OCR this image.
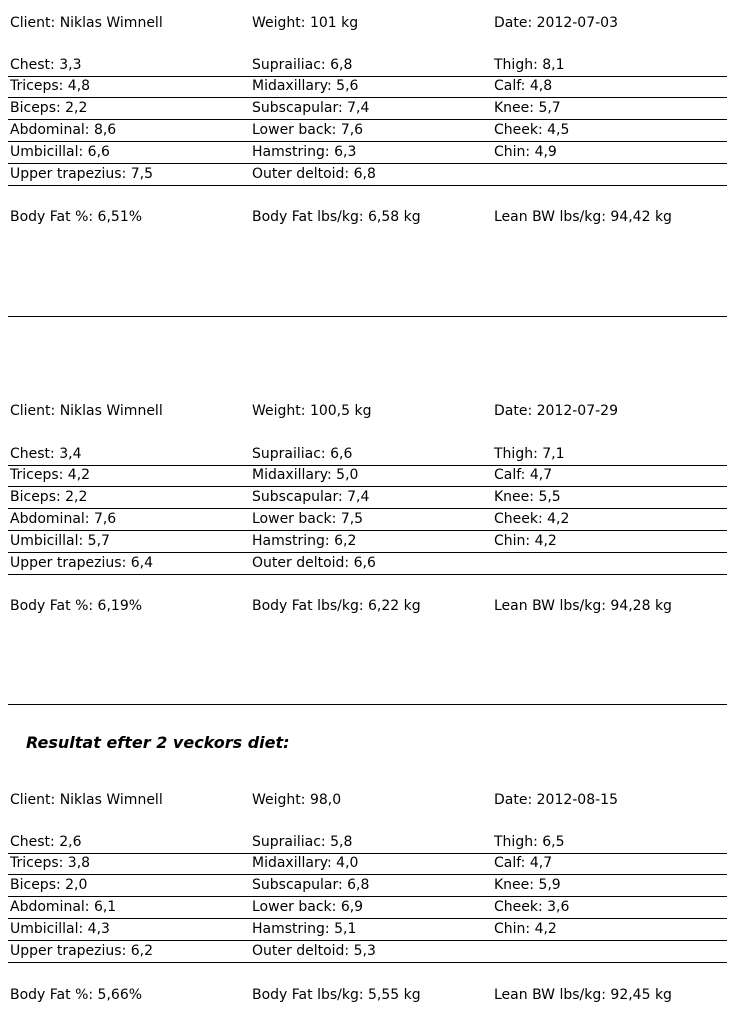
Client: Niklas Wimnell	Weight: 101 kg	Date: 2012-07-03
Chest: 3,3	Suprailiac: 6,8	Thigh: 8,1
Triceps: 4,8	Midaxillary: 5,6	Calf: 4,8
Biceps: 2,2	Subscapular: 7,4	Knee: 5,7
Abdominal: 8,6	Lower back: 7,6	Cheek: 4,5
Umbicillal: 6,6	Hamstring: 6,3	Chin: 4,9
Upper trapezius: 7,5	Outer deltoid: 6,8
Body Fat %: 6,51%	Body Fat lbs/kg: 6,58 kg	Lean BW lbs/kg: 94,42 kg
Client: Niklas Wimnell	Weight: 100,5 kg	Date: 2012-07-29
Chest: 3,4	Suprailiac: 6,6	Thigh: 7,1
Triceps: 4,2	Midaxillary: 5,0	Calf: 4,7
Biceps: 2,2	Subscapular: 7,4	Knee: 5,5
Abdominal: 7,6	Lower back: 7,5	Cheek: 4,2
Umbicillal: 5,7	Hamstring: 6,2	Chin: 4,2
Upper trapezius: 6,4	Outer deltoid: 6,6
Body Fat %: 6,19%	Body Fat lbs/kg: 6,22 kg	Lean BW lbs/kg: 94,28 kg
Resultat efter 2 veckors diet:
Client: Niklas Wimnell	Weight: 98,0	Date: 2012-08-15
Chest: 2,6	Suprailiac: 5,8	Thigh: 6,5
Triceps: 3,8	Midaxillary: 4,0	Calf: 4,7
Biceps: 2,0	Subscapular: 6,8	Knee: 5,9
Abdominal: 6,1	Lower back: 6,9	Cheek: 3,6
Umbicillal: 4,3	Hamstring: 5,1	Chin: 4,2
Upper trapezius: 6,2	Outer deltoid: 5,3
Body Fat %: 5,66%	Body Fat lbs/kg: 5,55 kg	Lean BW lbs/kg: 92,45 kg
